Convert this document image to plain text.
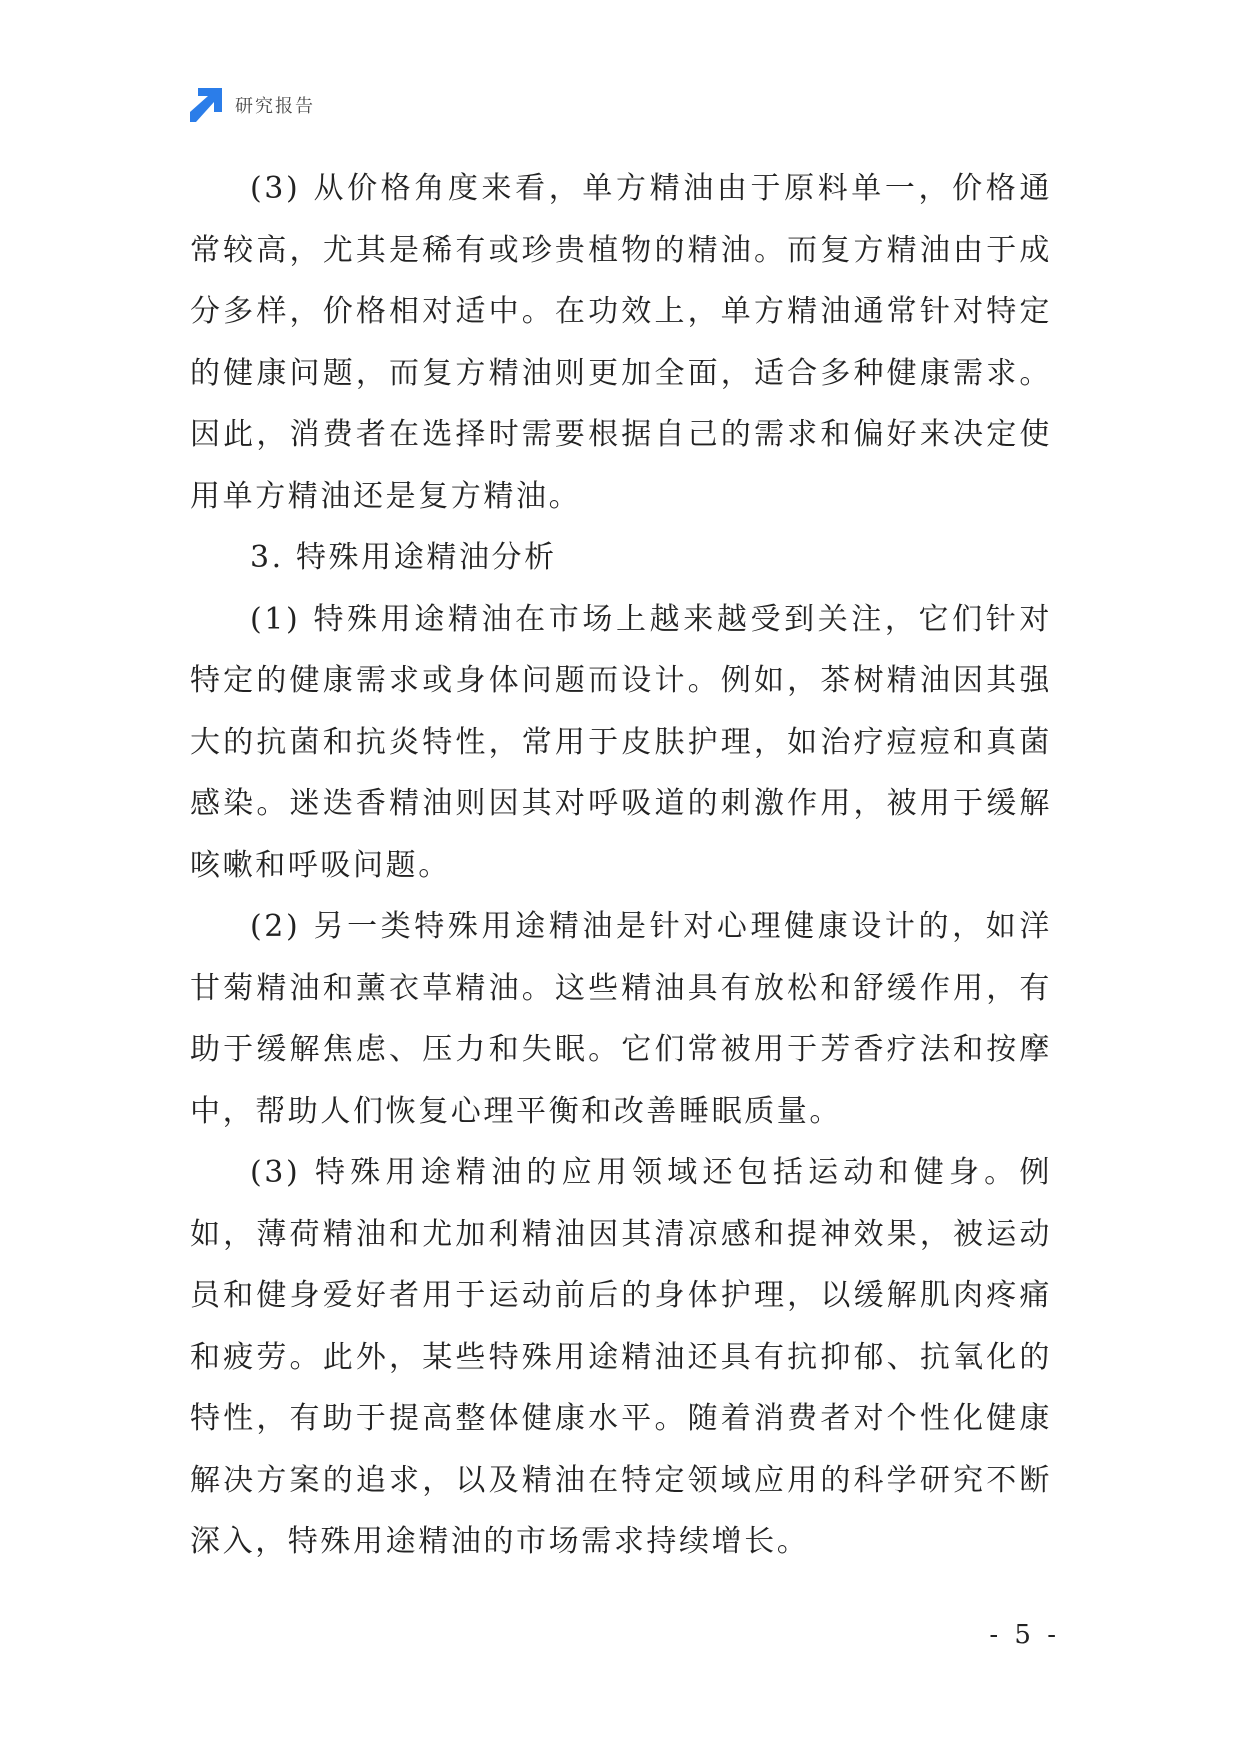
研究报告

(3) 从价格角度来看，单方精油由于原料单一，价格通常较高，尤其是稀有或珍贵植物的精油。而复方精油由于成分多样，价格相对适中。在功效上，单方精油通常针对特定的健康问题，而复方精油则更加全面，适合多种健康需求。因此，消费者在选择时需要根据自己的需求和偏好来决定使用单方精油还是复方精油。

3. 特殊用途精油分析

(1) 特殊用途精油在市场上越来越受到关注，它们针对特定的健康需求或身体问题而设计。例如，茶树精油因其强大的抗菌和抗炎特性，常用于皮肤护理，如治疗痘痘和真菌感染。迷迭香精油则因其对呼吸道的刺激作用，被用于缓解咳嗽和呼吸问题。

(2) 另一类特殊用途精油是针对心理健康设计的，如洋甘菊精油和薰衣草精油。这些精油具有放松和舒缓作用，有助于缓解焦虑、压力和失眠。它们常被用于芳香疗法和按摩中，帮助人们恢复心理平衡和改善睡眠质量。

(3) 特殊用途精油的应用领域还包括运动和健身。例如，薄荷精油和尤加利精油因其清凉感和提神效果，被运动员和健身爱好者用于运动前后的身体护理，以缓解肌肉疼痛和疲劳。此外，某些特殊用途精油还具有抗抑郁、抗氧化的特性，有助于提高整体健康水平。随着消费者对个性化健康解决方案的追求，以及精油在特定领域应用的科学研究不断深入，特殊用途精油的市场需求持续增长。

- 5 -
